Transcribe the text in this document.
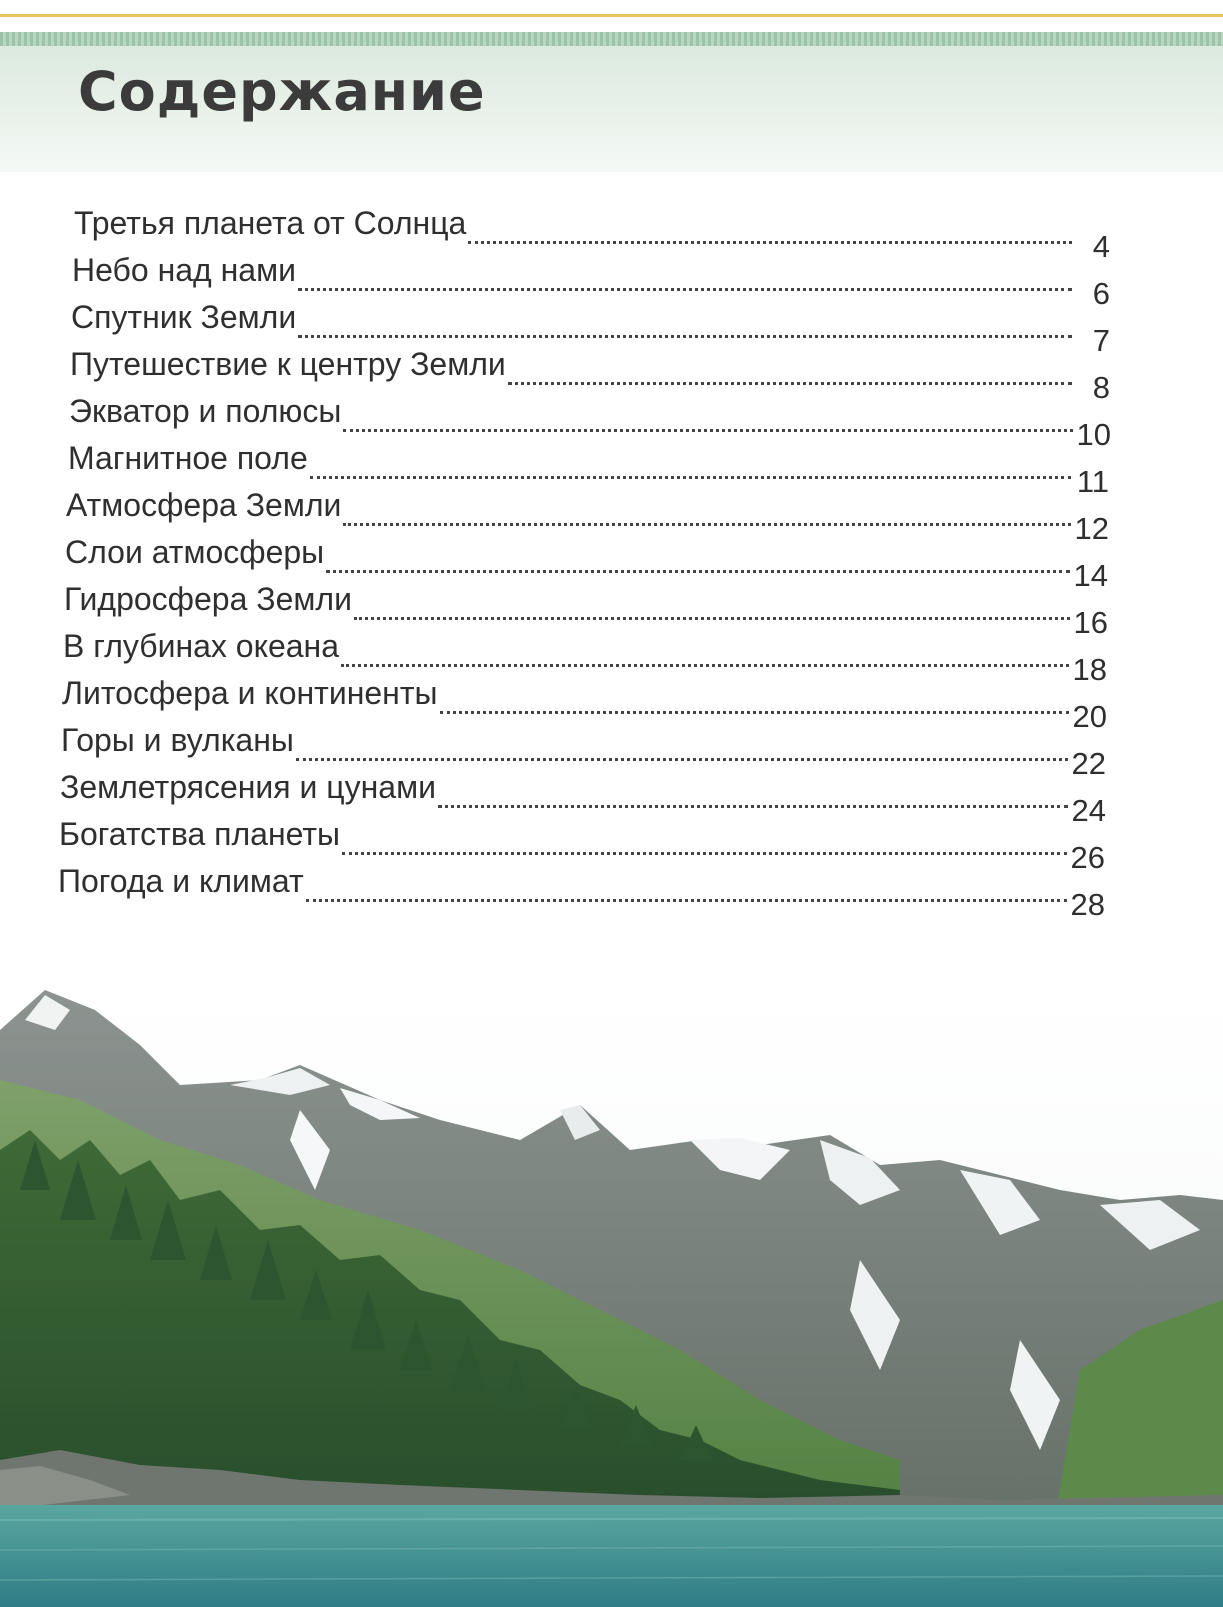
Содержание
Третья планета от Солнца
4
Небо над нами
6
Спутник Земли
7
Путешествие к центру Земли
8
Экватор и полюсы
10
Магнитное поле
11
Атмосфера Земли
12
Слои атмосферы
14
Гидросфера Земли
16
В глубинах океана
18
Литосфера и континенты
20
Горы и вулканы
22
Землетрясения и цунами
24
Богатства планеты
26
Погода и климат
28
